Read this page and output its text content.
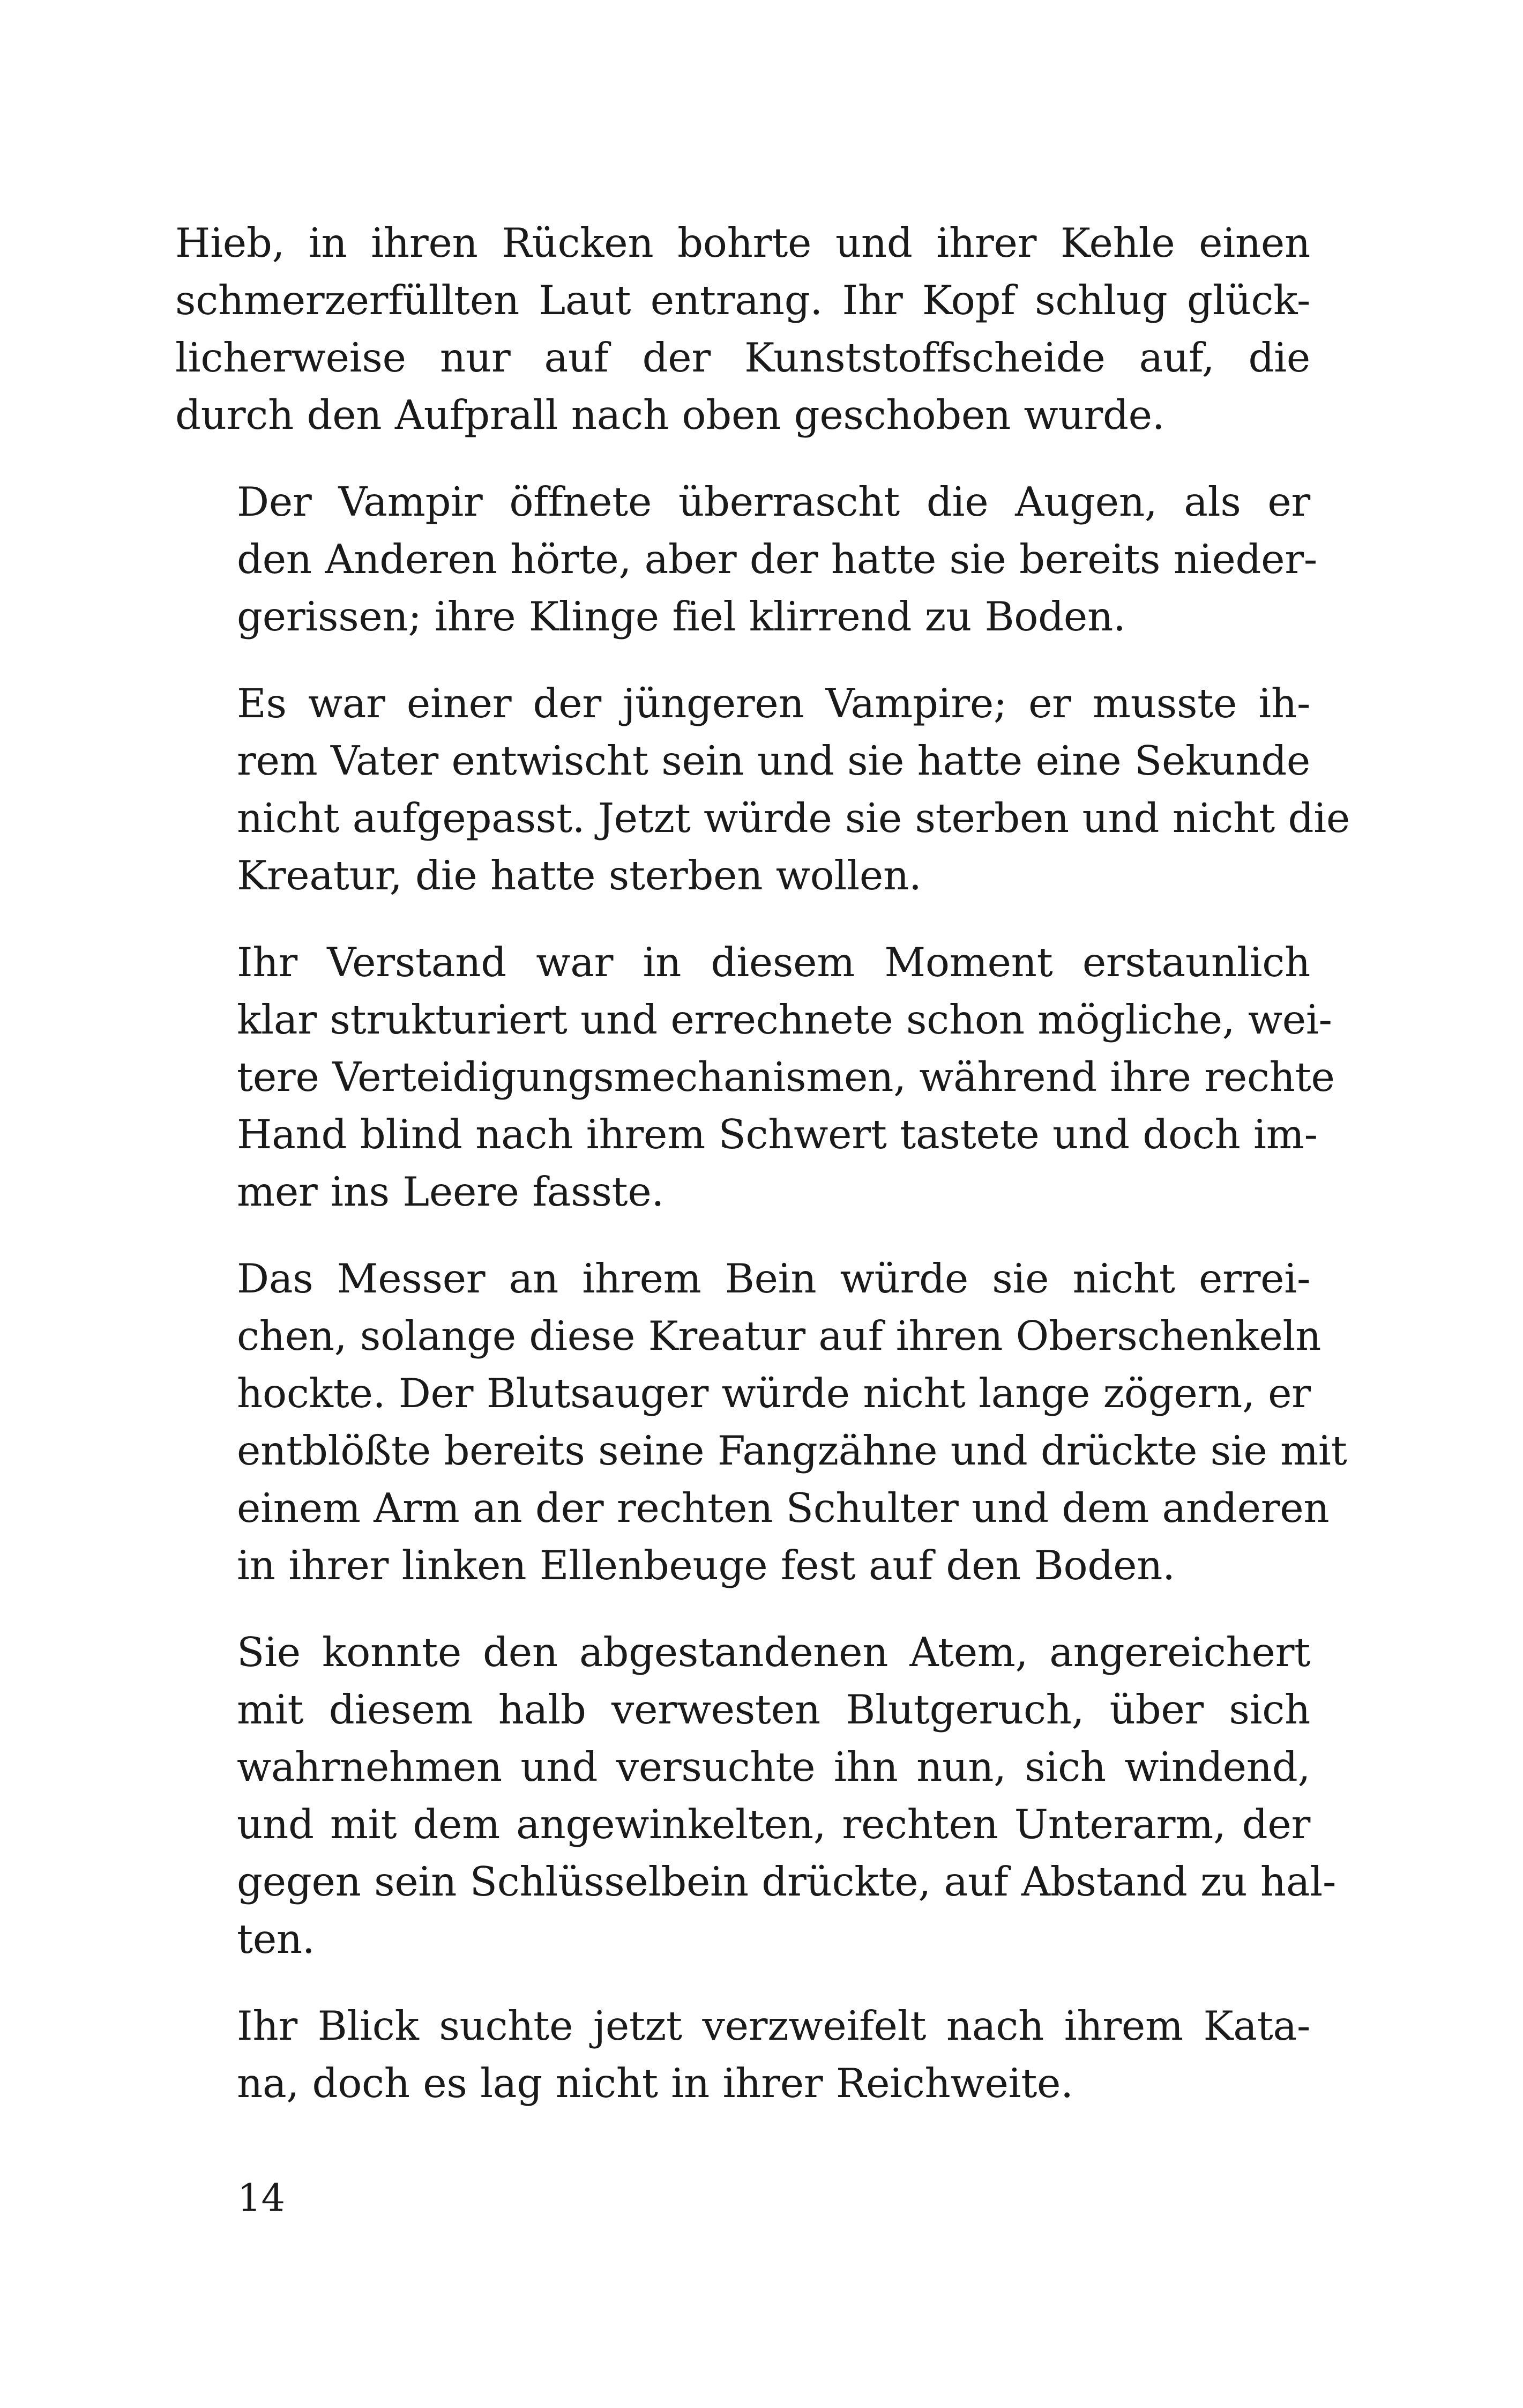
Hieb, in ihren Rücken bohrte und ihrer Kehle einen
schmerzerfüllten Laut entrang. Ihr Kopf schlug glück-
licherweise nur auf der Kunststoffscheide auf, die
durch den Aufprall nach oben geschoben wurde.

Der Vampir öffnete überrascht die Augen, als er
den Anderen hörte, aber der hatte sie bereits nieder-
gerissen; ihre Klinge fiel klirrend zu Boden.

Es war einer der jüngeren Vampire; er musste ih-
rem Vater entwischt sein und sie hatte eine Sekunde
nicht aufgepasst. Jetzt würde sie sterben und nicht die
Kreatur, die hatte sterben wollen.

Ihr Verstand war in diesem Moment erstaunlich
klar strukturiert und errechnete schon mögliche, wei-
tere Verteidigungsmechanismen, während ihre rechte
Hand blind nach ihrem Schwert tastete und doch im-
mer ins Leere fasste.

Das Messer an ihrem Bein würde sie nicht errei-
chen, solange diese Kreatur auf ihren Oberschenkeln
hockte. Der Blutsauger würde nicht lange zögern, er
entblößte bereits seine Fangzähne und drückte sie mit
einem Arm an der rechten Schulter und dem anderen
in ihrer linken Ellenbeuge fest auf den Boden.

Sie konnte den abgestandenen Atem, angereichert
mit diesem halb verwesten Blutgeruch, über sich
wahrnehmen und versuchte ihn nun, sich windend,
und mit dem angewinkelten, rechten Unterarm, der
gegen sein Schlüsselbein drückte, auf Abstand zu hal-
ten.

Ihr Blick suchte jetzt verzweifelt nach ihrem Kata-
na, doch es lag nicht in ihrer Reichweite.

14
